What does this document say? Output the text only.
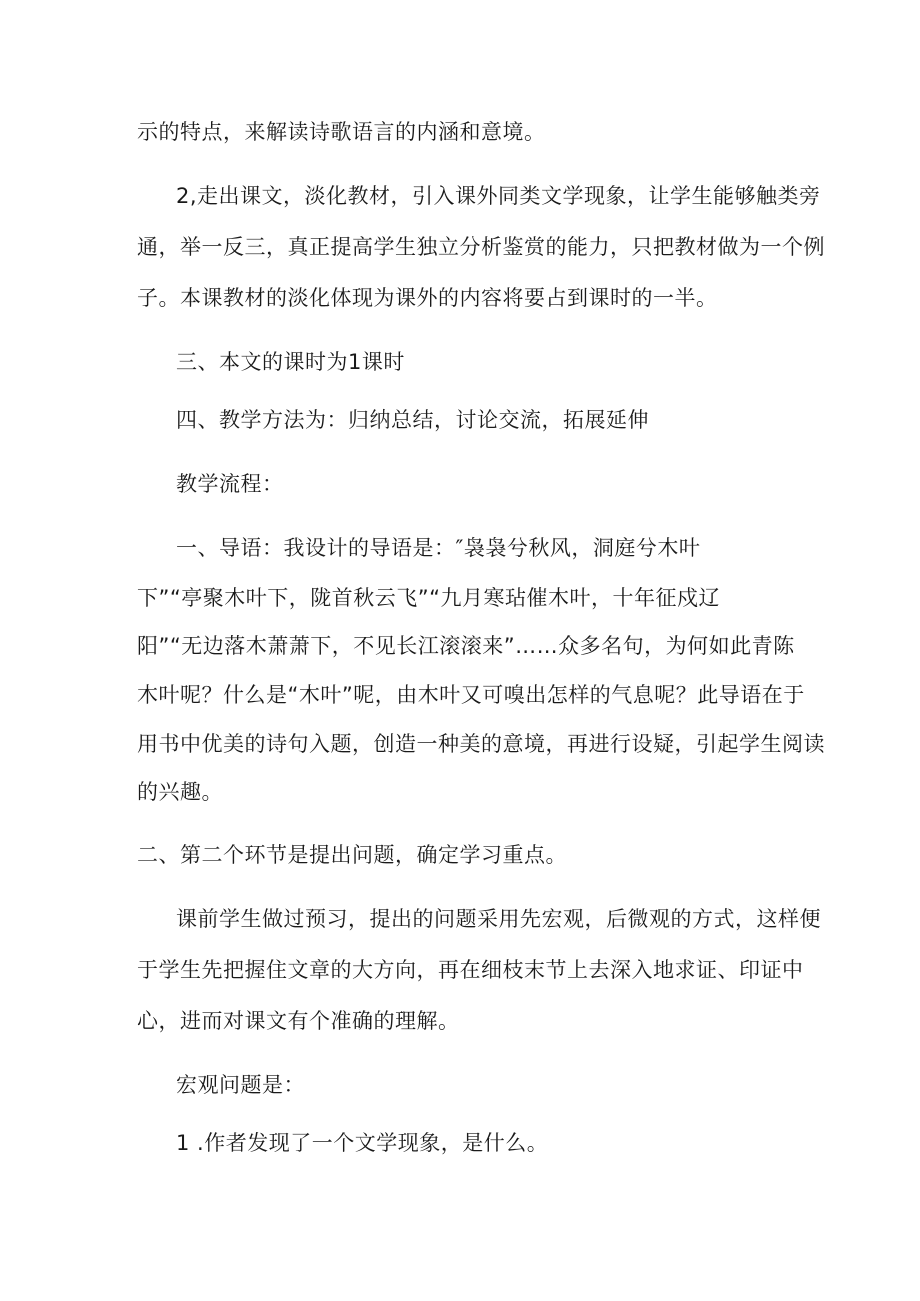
示的特点，来解读诗歌语言的内涵和意境。

2,走出课文，淡化教材，引入课外同类文学现象，让学生能够触类旁

通，举一反三，真正提高学生独立分析鉴赏的能力，只把教材做为一个例

子。本课教材的淡化体现为课外的内容将要占到课时的一半。

三、本文的课时为1课时

四、教学方法为：归纳总结，讨论交流，拓展延伸

教学流程：

一、导语：我设计的导语是：″袅袅兮秋风，洞庭兮木叶

下”“亭聚木叶下，陇首秋云飞”“九月寒玷催木叶，十年征戍辽

阳”“无边落木萧萧下，不见长江滚滚来”……众多名句，为何如此青陈

木叶呢？什么是“木叶”呢，由木叶又可嗅出怎样的气息呢？此导语在于

用书中优美的诗句入题，创造一种美的意境，再进行设疑，引起学生阅读

的兴趣。

二、第二个环节是提出问题，确定学习重点。

课前学生做过预习，提出的问题采用先宏观，后微观的方式，这样便

于学生先把握住文章的大方向，再在细枝末节上去深入地求证、印证中

心，进而对课文有个准确的理解。

宏观问题是：

1 .作者发现了一个文学现象，是什么。
